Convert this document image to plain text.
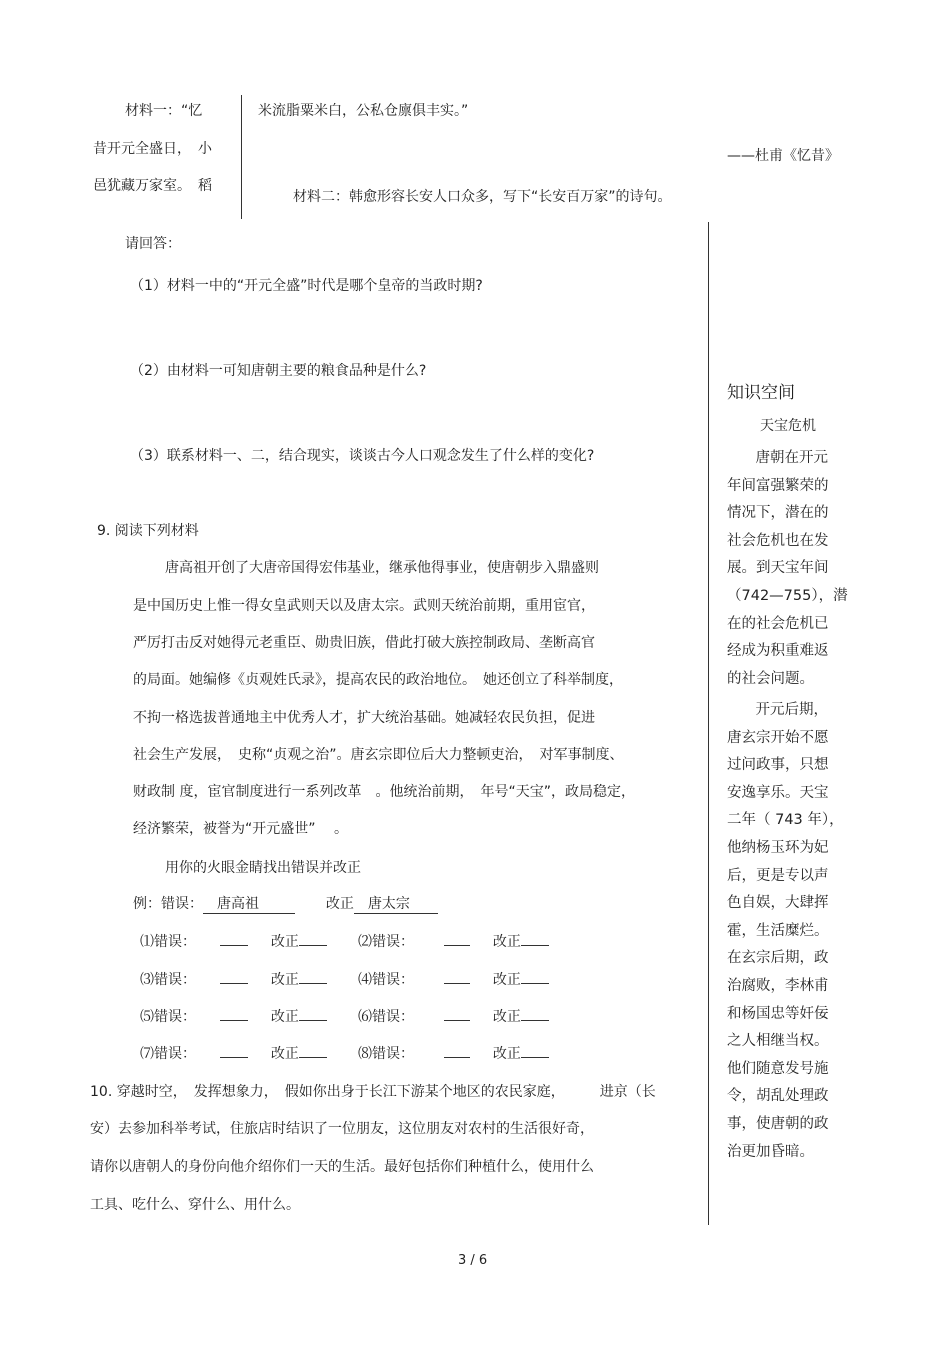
材料一：“忆
昔开元全盛日，　小
邑犹藏万家室。　稻
米流脂粟米白，公私仓廪俱丰实。”
——杜甫《忆昔》
材料二：韩愈形容长安人口众多，写下“长安百万家”的诗句。
请回答：
（1）材料一中的“开元全盛”时代是哪个皇帝的当政时期?
（2）由材料一可知唐朝主要的粮食品种是什么?
（3）联系材料一、二，结合现实，谈谈古今人口观念发生了什么样的变化?
9. 阅读下列材料
唐高祖开创了大唐帝国得宏伟基业，继承他得事业，使唐朝步入鼎盛则
是中国历史上惟一得女皇武则天以及唐太宗。武则天统治前期，重用宦官，
严厉打击反对她得元老重臣、勋贵旧族，借此打破大族控制政局、垄断高官
的局面。她编修《贞观姓氏录》，提高农民的政治地位。　她还创立了科举制度，
不拘一格选拔普通地主中优秀人才，扩大统治基础。她减轻农民负担，促进
社会生产发展，　史称“贞观之治”。唐玄宗即位后大力整顿吏治，　对军事制度、
财政制 度，宦官制度进行一系列改革　。他统治前期，　年号“天宝”，政局稳定，
经济繁荣，被誉为“开元盛世”　 。
用你的火眼金睛找出错误并改正
例：错误： 唐高祖	改正 唐太宗
⑴错误：	改正	⑵错误：	改正
⑶错误：	改正	⑷错误：	改正
⑸错误：	改正	⑹错误：	改正
⑺错误：	改正	⑻错误：	改正
10. 穿越时空，　发挥想象力，　假如你出身于长江下游某个地区的农民家庭，　　　进京（长
安）去参加科举考试，住旅店时结识了一位朋友，这位朋友对农村的生活很好奇，
请你以唐朝人的身份向他介绍你们一天的生活。最好包括你们种植什么，使用什么
工具、吃什么、穿什么、用什么。
知识空间
天宝危机

　唐朝在开元

年间富强繁荣的

情况下，潜在的

社会危机也在发

展。到天宝年间

（742—755），潜

在的社会危机已

经成为积重难返

的社会问题。

　开元后期，

唐玄宗开始不愿

过问政事，只想

安逸享乐。天宝

二年（ 743 年），

他纳杨玉环为妃

后，更是专以声

色自娱，大肆挥

霍，生活糜烂。

在玄宗后期，政

治腐败，李林甫

和杨国忠等奸佞

之人相继当权。

他们随意发号施

令，胡乱处理政

事，使唐朝的政

治更加昏暗。

3 / 6
